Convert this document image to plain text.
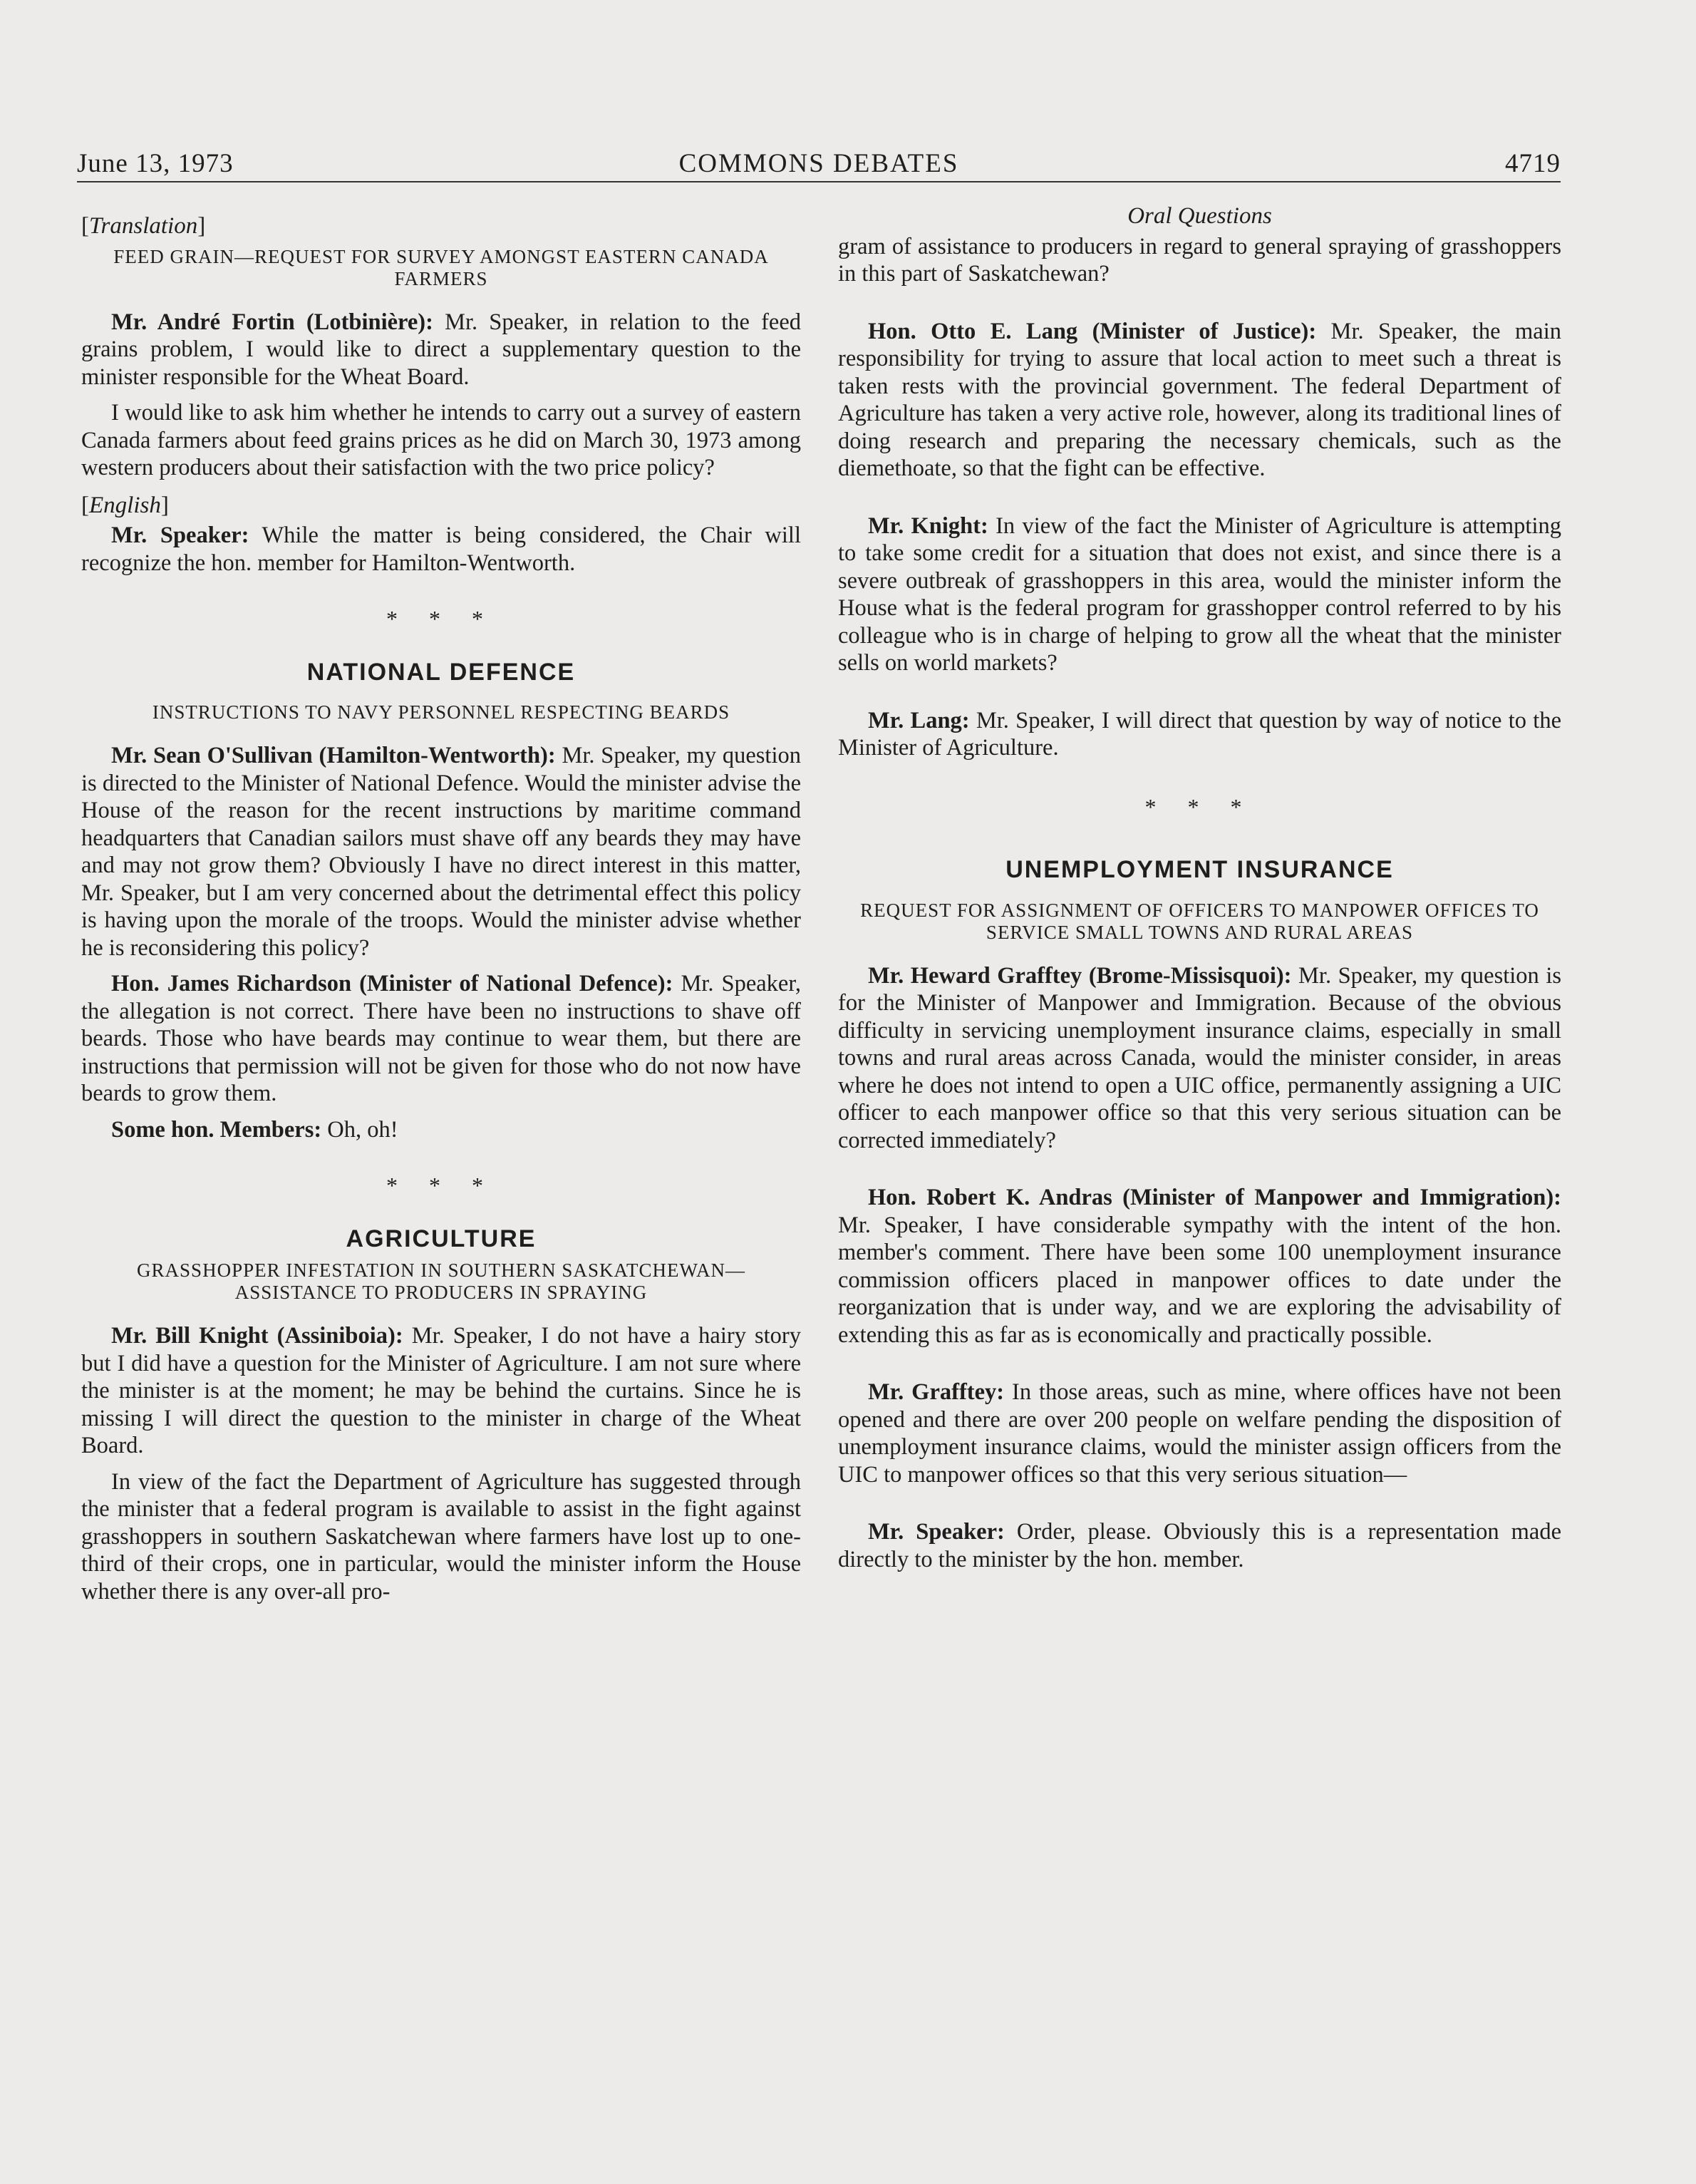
June 13, 1973	COMMONS DEBATES	4719
[Translation]
FEED GRAIN—REQUEST FOR SURVEY AMONGST EASTERN CANADA FARMERS

Mr. André Fortin (Lotbinière): Mr. Speaker, in relation to the feed grains problem, I would like to direct a supplementary question to the minister responsible for the Wheat Board.

I would like to ask him whether he intends to carry out a survey of eastern Canada farmers about feed grains prices as he did on March 30, 1973 among western producers about their satisfaction with the two price policy?

[English]

Mr. Speaker: While the matter is being considered, the Chair will recognize the hon. member for Hamilton-Wentworth.

* * *
NATIONAL DEFENCE
INSTRUCTIONS TO NAVY PERSONNEL RESPECTING BEARDS

Mr. Sean O'Sullivan (Hamilton-Wentworth): Mr. Speaker, my question is directed to the Minister of National Defence. Would the minister advise the House of the reason for the recent instructions by maritime command headquarters that Canadian sailors must shave off any beards they may have and may not grow them? Obviously I have no direct interest in this matter, Mr. Speaker, but I am very concerned about the detrimental effect this policy is having upon the morale of the troops. Would the minister advise whether he is reconsidering this policy?

Hon. James Richardson (Minister of National Defence): Mr. Speaker, the allegation is not correct. There have been no instructions to shave off beards. Those who have beards may continue to wear them, but there are instructions that permission will not be given for those who do not now have beards to grow them.

Some hon. Members: Oh, oh!

* * *
AGRICULTURE
GRASSHOPPER INFESTATION IN SOUTHERN SASKATCHEWAN—ASSISTANCE TO PRODUCERS IN SPRAYING

Mr. Bill Knight (Assiniboia): Mr. Speaker, I do not have a hairy story but I did have a question for the Minister of Agriculture. I am not sure where the minister is at the moment; he may be behind the curtains. Since he is missing I will direct the question to the minister in charge of the Wheat Board.

In view of the fact the Department of Agriculture has suggested through the minister that a federal program is available to assist in the fight against grasshoppers in southern Saskatchewan where farmers have lost up to one-third of their crops, one in particular, would the minister inform the House whether there is any over-all pro-

Oral Questions

gram of assistance to producers in regard to general spraying of grasshoppers in this part of Saskatchewan?

Hon. Otto E. Lang (Minister of Justice): Mr. Speaker, the main responsibility for trying to assure that local action to meet such a threat is taken rests with the provincial government. The federal Department of Agriculture has taken a very active role, however, along its traditional lines of doing research and preparing the necessary chemicals, such as the diemethoate, so that the fight can be effective.

Mr. Knight: In view of the fact the Minister of Agriculture is attempting to take some credit for a situation that does not exist, and since there is a severe outbreak of grasshoppers in this area, would the minister inform the House what is the federal program for grasshopper control referred to by his colleague who is in charge of helping to grow all the wheat that the minister sells on world markets?

Mr. Lang: Mr. Speaker, I will direct that question by way of notice to the Minister of Agriculture.

* * *
UNEMPLOYMENT INSURANCE
REQUEST FOR ASSIGNMENT OF OFFICERS TO MANPOWER OFFICES TO SERVICE SMALL TOWNS AND RURAL AREAS

Mr. Heward Grafftey (Brome-Missisquoi): Mr. Speaker, my question is for the Minister of Manpower and Immigration. Because of the obvious difficulty in servicing unemployment insurance claims, especially in small towns and rural areas across Canada, would the minister consider, in areas where he does not intend to open a UIC office, permanently assigning a UIC officer to each manpower office so that this very serious situation can be corrected immediately?

Hon. Robert K. Andras (Minister of Manpower and Immigration): Mr. Speaker, I have considerable sympathy with the intent of the hon. member's comment. There have been some 100 unemployment insurance commission officers placed in manpower offices to date under the reorganization that is under way, and we are exploring the advisability of extending this as far as is economically and practically possible.

Mr. Grafftey: In those areas, such as mine, where offices have not been opened and there are over 200 people on welfare pending the disposition of unemployment insurance claims, would the minister assign officers from the UIC to manpower offices so that this very serious situation—

Mr. Speaker: Order, please. Obviously this is a representation made directly to the minister by the hon. member.
